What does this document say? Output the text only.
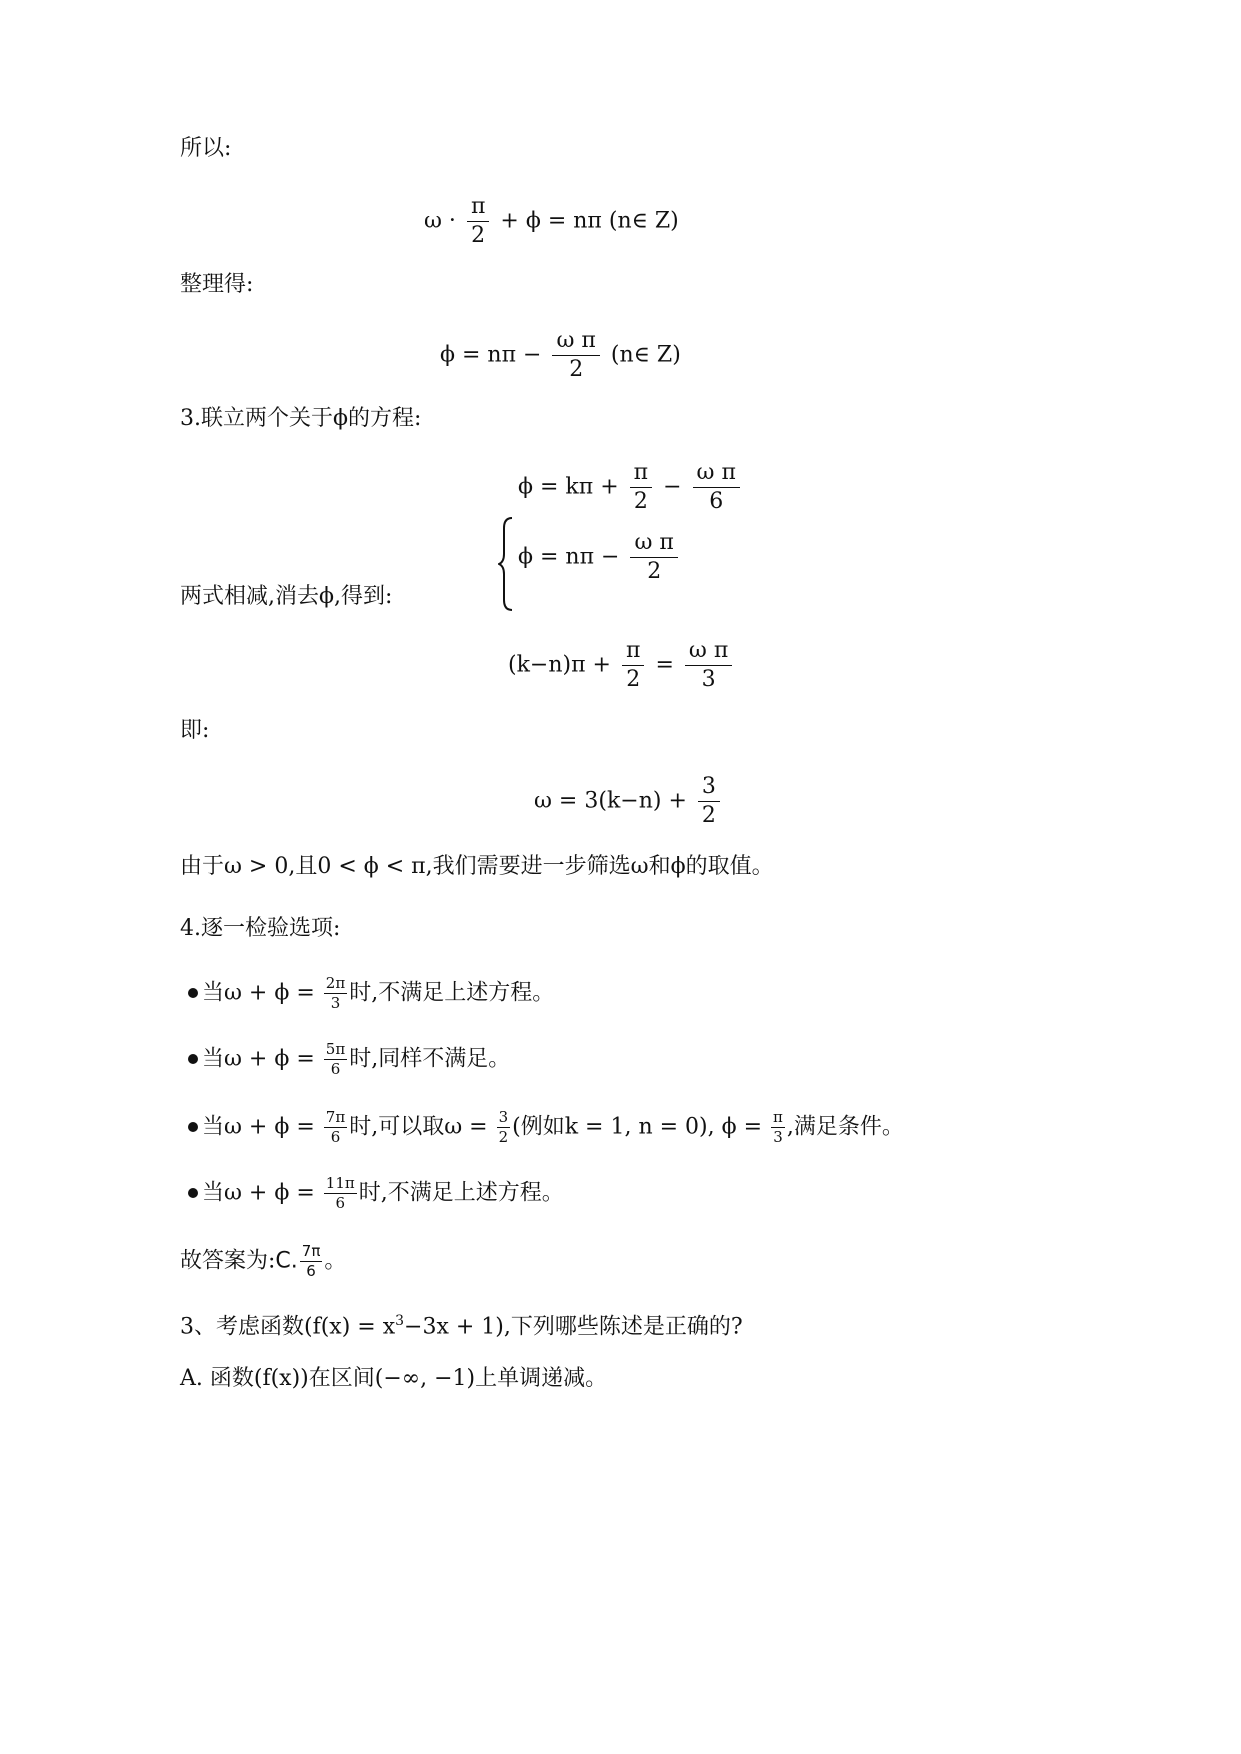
所以:
$\omega \cdot \frac{\pi}{2} + \phi = n\pi$ (n∈ Z)
整理得:
$\phi = n\pi - \frac{\text{ω π}}{2}$ (n∈ Z)
3.联立两个关于ϕ的方程:
$\phi = k\pi + \frac{\pi}{2} - \frac{\text{ω π}}{6}$
$\phi = n\pi - \frac{\text{ω π}}{2}$
两式相减,消去ϕ,得到:
$(k-n)\pi + \frac{\pi}{2} = \frac{\text{ω π}}{3}$
即:
$\omega = 3(k-n) + \frac{3}{2}$
由于ω > 0,且0 < ϕ < π,我们需要进一步筛选ω和ϕ的取值。
4.逐一检验选项:
当$\omega + \phi = \frac{2\pi}{3}$ 时,不满足上述方程。
当$\omega + \phi = \frac{5\pi}{6}$ 时,同样不满足。
当$\omega + \phi = \frac{7\pi}{6}$ 时,可以取$\omega = \frac{3}{2}$ (例如k = 1, n = 0), $\phi = \frac{\pi}{3}$ ,满足条件。
当$\omega + \phi = \frac{11\pi}{6}$ 时,不满足上述方程。
故答案为:C. $\frac{7\pi}{6}$ 。
3、考虑函数$(f(x) = x^3-3x + 1)$,下列哪些陈述是正确的?
A. 函数(f(x))在区间(−∞, −1)上单调递减。
